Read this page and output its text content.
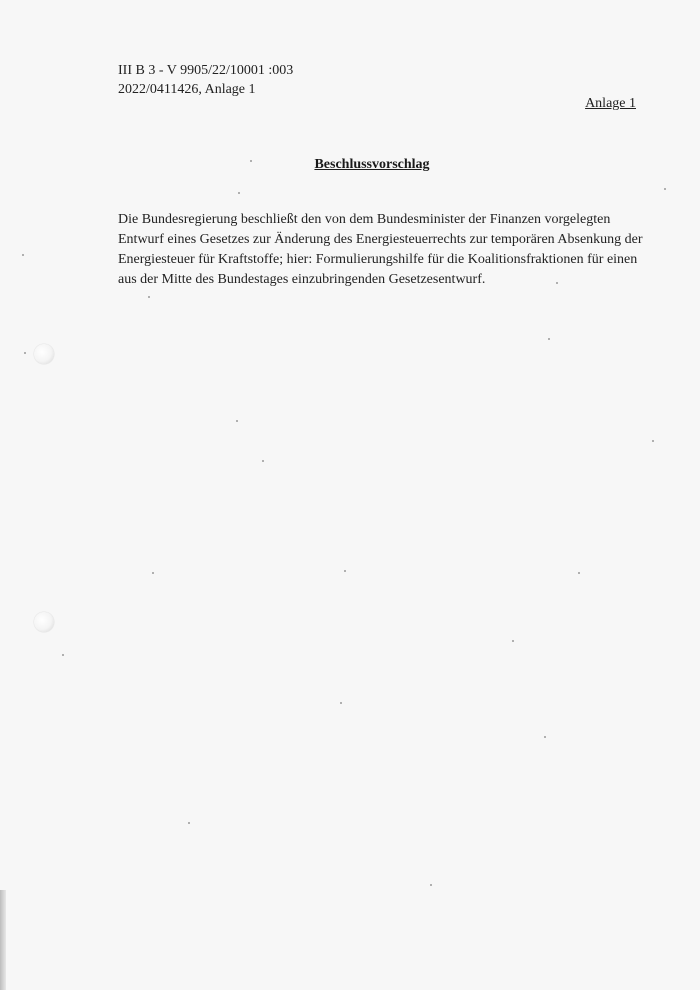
III B 3 - V 9905/22/10001 :003
2022/0411426, Anlage 1
Anlage 1
Beschlussvorschlag
Die Bundesregierung beschließt den von dem Bundesminister der Finanzen vorgelegten
Entwurf eines Gesetzes zur Änderung des Energiesteuerrechts zur temporären Absenkung der
Energiesteuer für Kraftstoffe; hier: Formulierungshilfe für die Koalitionsfraktionen für einen
aus der Mitte des Bundestages einzubringenden Gesetzesentwurf.
